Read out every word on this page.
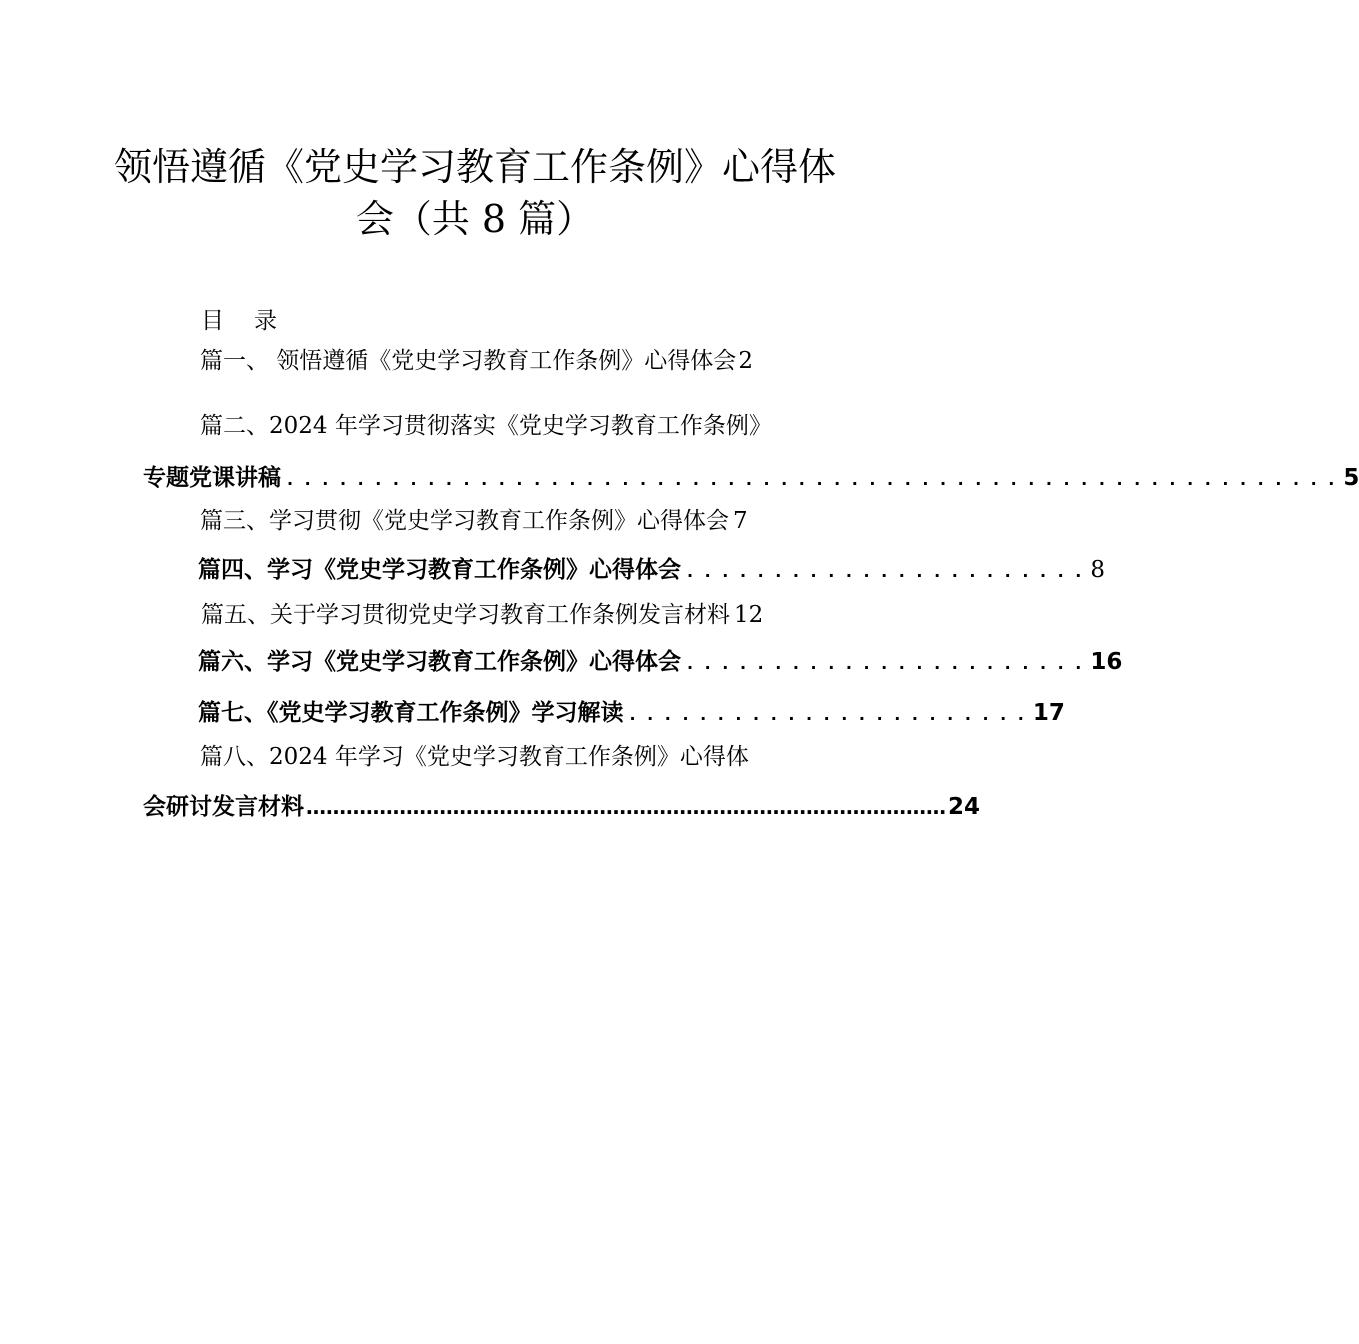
领悟遵循《党史学习教育工作条例》心得体
会（共 8 篇）
目录
篇一、 领悟遵循《党史学习教育工作条例》心得体会 2
篇二、2024 年学习贯彻落实《党史学习教育工作条例》
专题党课讲稿 . . . . . . . . . . . . . . . . . . . . . . . . . . . . . . . . . . . . . . . . . . . . . . . . . . . . . . . . . . . . 5
篇三、学习贯彻《党史学习教育工作条例》心得体会 7
篇四、学习《党史学习教育工作条例》心得体会 . . . . . . . . . . . . . . . . . . . . . . . 8
篇五、关于学习贯彻党史学习教育工作条例发言材料 12
篇六、学习《党史学习教育工作条例》心得体会 . . . . . . . . . . . . . . . . . . . . . . . 16
篇七、《党史学习教育工作条例》学习解读 . . . . . . . . . . . . . . . . . . . . . . . 17
篇八、2024 年学习《党史学习教育工作条例》心得体
会研讨发言材料 …………………………………………………………………………………… 24
